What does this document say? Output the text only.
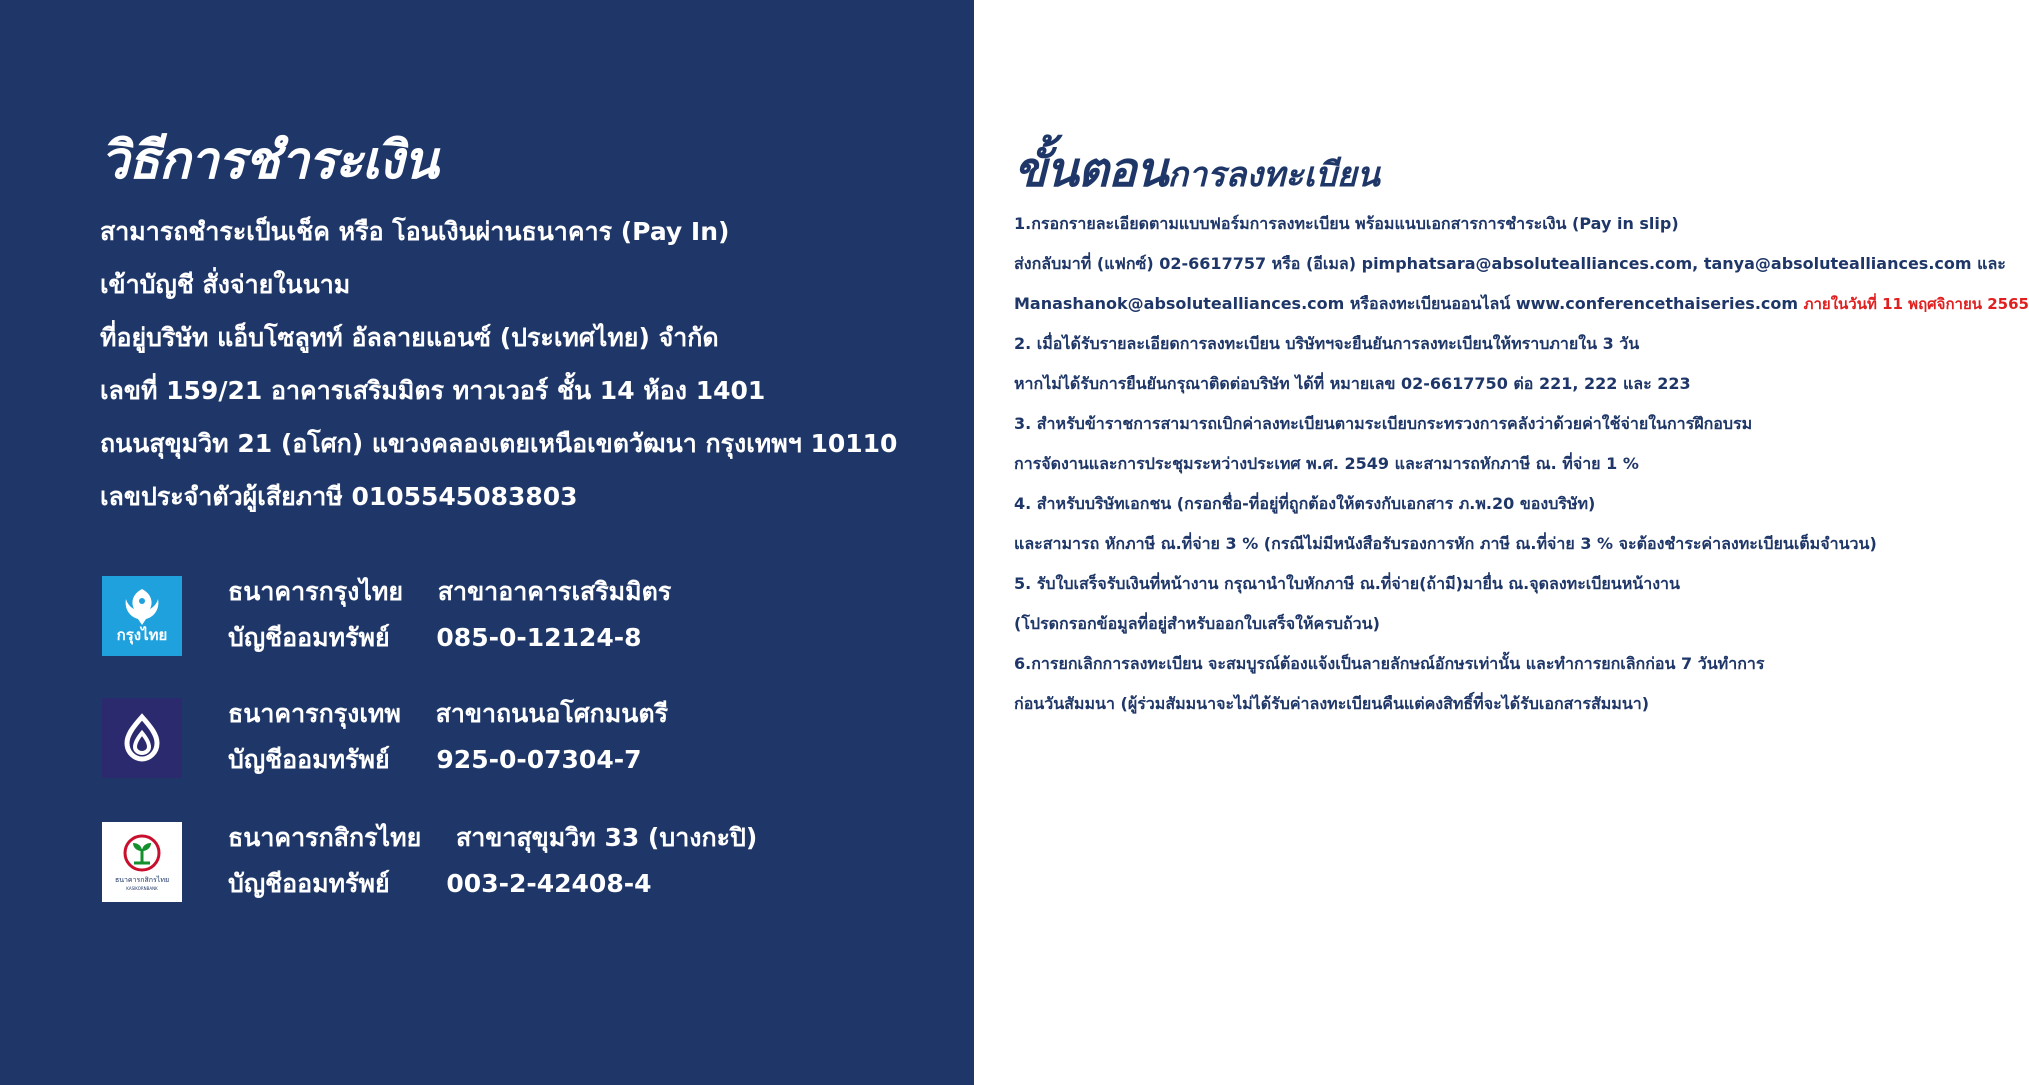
วิธีการชำระเงิน
สามารถชำระเป็นเช็ค หรือ โอนเงินผ่านธนาคาร (Pay In)
เข้าบัญชี สั่งจ่ายในนาม
ที่อยู่บริษัท แอ็บโซลูทท์ อัลลายแอนซ์ (ประเทศไทย) จำกัด
เลขที่ 159/21 อาคารเสริมมิตร ทาวเวอร์ ชั้น 14 ห้อง 1401
ถนนสุขุมวิท 21 (อโศก) แขวงคลองเตยเหนือเขตวัฒนา กรุงเทพฯ 10110
เลขประจำตัวผู้เสียภาษี 0105545083803
กรุงไทย
ธนาคารกรุงไทย สาขาอาคารเสริมมิตร
บัญชีออมทรัพย์ 085-0-12124-8
ธนาคารกรุงเทพ สาขาถนนอโศกมนตรี
บัญชีออมทรัพย์ 925-0-07304-7
ธนาคารกสิกรไทย
KASIKORNBANK
ธนาคารกสิกรไทย สาขาสุขุมวิท 33 (บางกะปิ)
บัญชีออมทรัพย์ 003-2-42408-4
ขั้นตอนการลงทะเบียน
1.กรอกรายละเอียดตามแบบฟอร์มการลงทะเบียน พร้อมแนบเอกสารการชำระเงิน (Pay in slip)
ส่งกลับมาที่ (แฟกซ์) 02-6617757 หรือ (อีเมล) pimphatsara@absolutealliances.com, tanya@absolutealliances.com และ
Manashanok@absolutealliances.com หรือลงทะเบียนออนไลน์ www.conferencethaiseries.com ภายในวันที่ 11 พฤศจิกายน 2565
2. เมื่อได้รับรายละเอียดการลงทะเบียน บริษัทฯจะยืนยันการลงทะเบียนให้ทราบภายใน 3 วัน
หากไม่ได้รับการยืนยันกรุณาติดต่อบริษัท ได้ที่ หมายเลข 02-6617750 ต่อ 221, 222 และ 223
3. สำหรับข้าราชการสามารถเบิกค่าลงทะเบียนตามระเบียบกระทรวงการคลังว่าด้วยค่าใช้จ่ายในการฝึกอบรม
การจัดงานและการประชุมระหว่างประเทศ พ.ศ. 2549 และสามารถหักภาษี ณ. ที่จ่าย 1 %
4. สำหรับบริษัทเอกชน (กรอกชื่อ-ที่อยู่ที่ถูกต้องให้ตรงกับเอกสาร ภ.พ.20 ของบริษัท)
และสามารถ หักภาษี ณ.ที่จ่าย 3 % (กรณีไม่มีหนังสือรับรองการหัก ภาษี ณ.ที่จ่าย 3 % จะต้องชำระค่าลงทะเบียนเต็มจำนวน)
5. รับใบเสร็จรับเงินที่หน้างาน กรุณานำใบหักภาษี ณ.ที่จ่าย(ถ้ามี)มายื่น ณ.จุดลงทะเบียนหน้างาน
(โปรดกรอกข้อมูลที่อยู่สำหรับออกใบเสร็จให้ครบถ้วน)
6.การยกเลิกการลงทะเบียน จะสมบูรณ์ต้องแจ้งเป็นลายลักษณ์อักษรเท่านั้น และทำการยกเลิกก่อน 7 วันทำการ
ก่อนวันสัมมนา (ผู้ร่วมสัมมนาจะไม่ได้รับค่าลงทะเบียนคืนแต่คงสิทธิ์ที่จะได้รับเอกสารสัมมนา)
